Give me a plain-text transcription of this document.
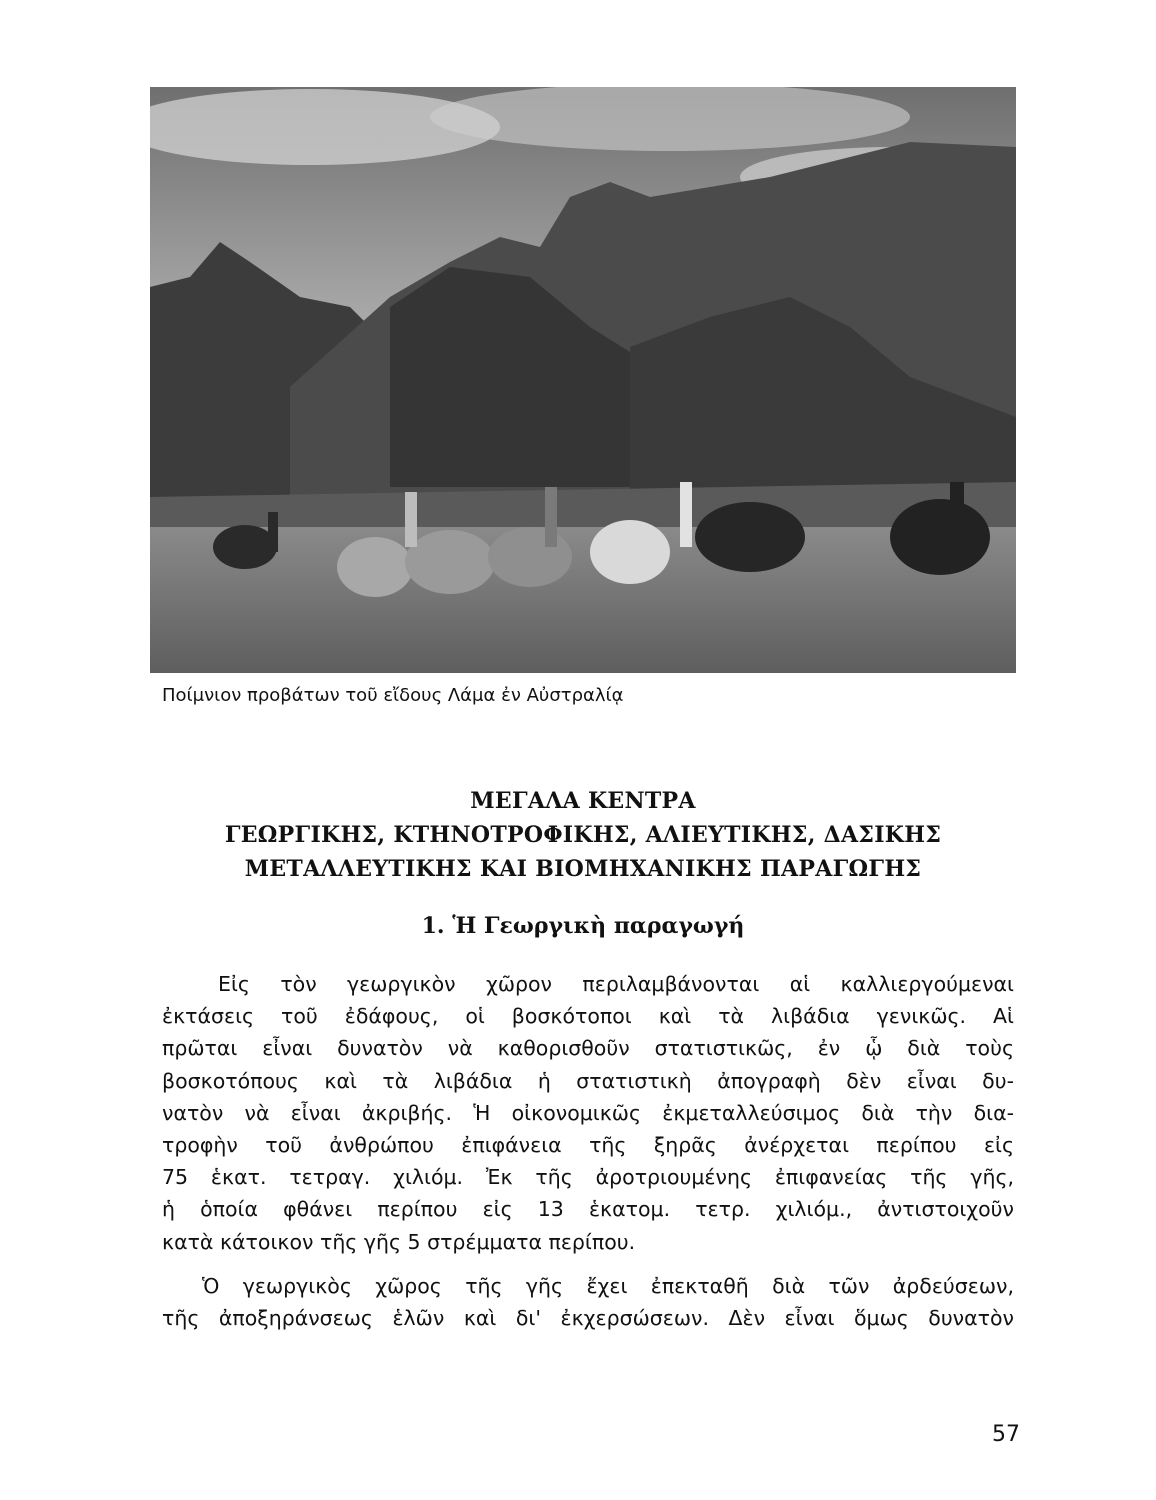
Ποίμνιον προβάτων τοῦ εἴδους Λάμα ἐν Αὐστραλίᾳ
ΜΕΓΑΛΑ ΚΕΝΤΡΑ
ΓΕΩΡΓΙΚΗΣ, ΚΤΗΝΟΤΡΟΦΙΚΗΣ, ΑΛΙΕΥΤΙΚΗΣ, ΔΑΣΙΚΗΣ
ΜΕΤΑΛΛΕΥΤΙΚΗΣ ΚΑΙ ΒΙΟΜΗΧΑΝΙΚΗΣ ΠΑΡΑΓΩΓΗΣ
1. Ἡ Γεωργικὴ παραγωγή

Εἰς τὸν γεωργικὸν χῶρον περιλαμβάνονται αἱ καλλιεργούμεναι
ἐκτάσεις τοῦ ἐδάφους, οἱ βοσκότοποι καὶ τὰ λιβάδια γενικῶς. Αἱ
πρῶται εἶναι δυνατὸν νὰ καθορισθοῦν στατιστικῶς, ἐν ᾧ διὰ τοὺς
βοσκοτόπους καὶ τὰ λιβάδια ἡ στατιστικὴ ἀπογραφὴ δὲν εἶναι δυ-
νατὸν νὰ εἶναι ἀκριβής. Ἡ οἰκονομικῶς ἐκμεταλλεύσιμος διὰ τὴν δια-
τροφὴν τοῦ ἀνθρώπου ἐπιφάνεια τῆς ξηρᾶς ἀνέρχεται περίπου εἰς
75 ἑκατ. τετραγ. χιλιόμ. Ἐκ τῆς ἀροτριουμένης ἐπιφανείας τῆς γῆς,
ἡ ὁποία φθάνει περίπου εἰς 13 ἑκατομ. τετρ. χιλιόμ., ἀντιστοιχοῦν
κατὰ κάτοικον τῆς γῆς 5 στρέμματα περίπου.

Ὁ γεωργικὸς χῶρος τῆς γῆς ἔχει ἐπεκταθῆ διὰ τῶν ἀρδεύσεων,
τῆς ἀποξηράνσεως ἑλῶν καὶ δι' ἐκχερσώσεων. Δὲν εἶναι ὅμως δυνατὸν

57
